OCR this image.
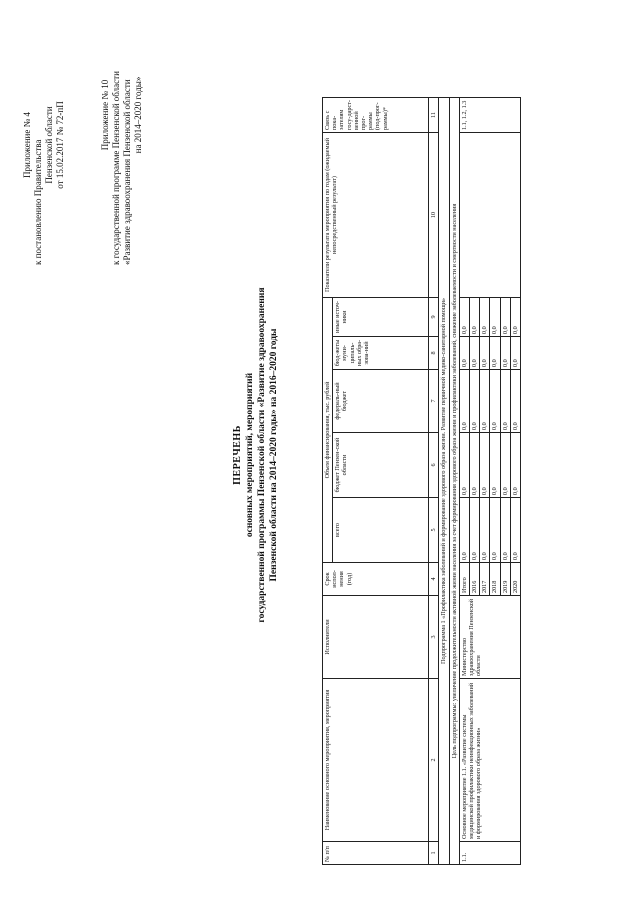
Приложение № 4 к постановлению Правительства Пензенской области от 15.02.2017 № 72-пП	Приложение № 10 к государственной программе Пензенской области «Развитие здравоохранения Пензенской области на 2014–2020 годы»
ПЕРЕЧЕНЬ основных мероприятий, мероприятий государственной программы Пензенской области «Развитие здравоохранения Пензенской области на 2014–2020 годы» на 2016–2020 годы
№ п/п	Наименование основного мероприятия, мероприятия	Исполнители	Срок испол-нения (год)	Объем финансирования, тыс. рублей					Показатели результата мероприятия по годам (ожидаемый непосредственный результат)	Связь с пока-зателям госу-дарст-венной прог-раммы (под-прог-раммы)*
				всего	бюджет Пензен-ской области	федераль-ный бюджет	бюд-жеты муни-ципаль-ных обра-зова-ний	иные источ-ники		
1	2	3	4	5	6	7	8	9	10	11
Подпрограмма 1 «Профилактика заболеваний и формирование здорового образа жизни. Развитие первичной медико-санитарной помощи»										
Цель подпрограммы: увеличение продолжительности активной жизни населения за счет формирования здорового образа жизни и профилактики заболеваний, снижение заболеваемости и смертности населения										
1.1.	Основное мероприятие 1.1. «Развитие системы медицинской профилактики неинфекционных заболеваний и формирования здорового образа жизни»	Министерство здравоохранения Пензенской области	Итого	0,0	0,0	0,0	0,0	0,0		1.1, 1.2, 1.3
			2016	0,0	0,0	0,0	0,0	0,0		
			2017	0,0	0,0	0,0	0,0	0,0		
			2018	0,0	0,0	0,0	0,0	0,0		
			2019	0,0	0,0	0,0	0,0	0,0		
			2020	0,0	0,0	0,0	0,0	0,0		
